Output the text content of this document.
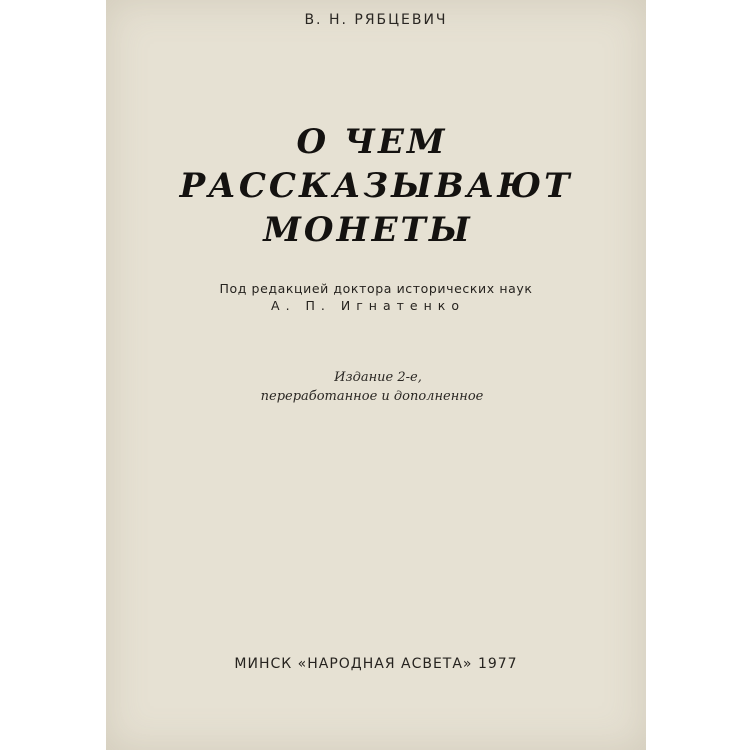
В. Н. РЯБЦЕВИЧ
О ЧЕМ
РАССКАЗЫВАЮТ
МОНЕТЫ
Под редакцией доктора исторических наук
А. П. Игнатенко
Издание 2-е,
переработанное и дополненное
МИНСК «НАРОДНАЯ АСВЕТА» 1977
